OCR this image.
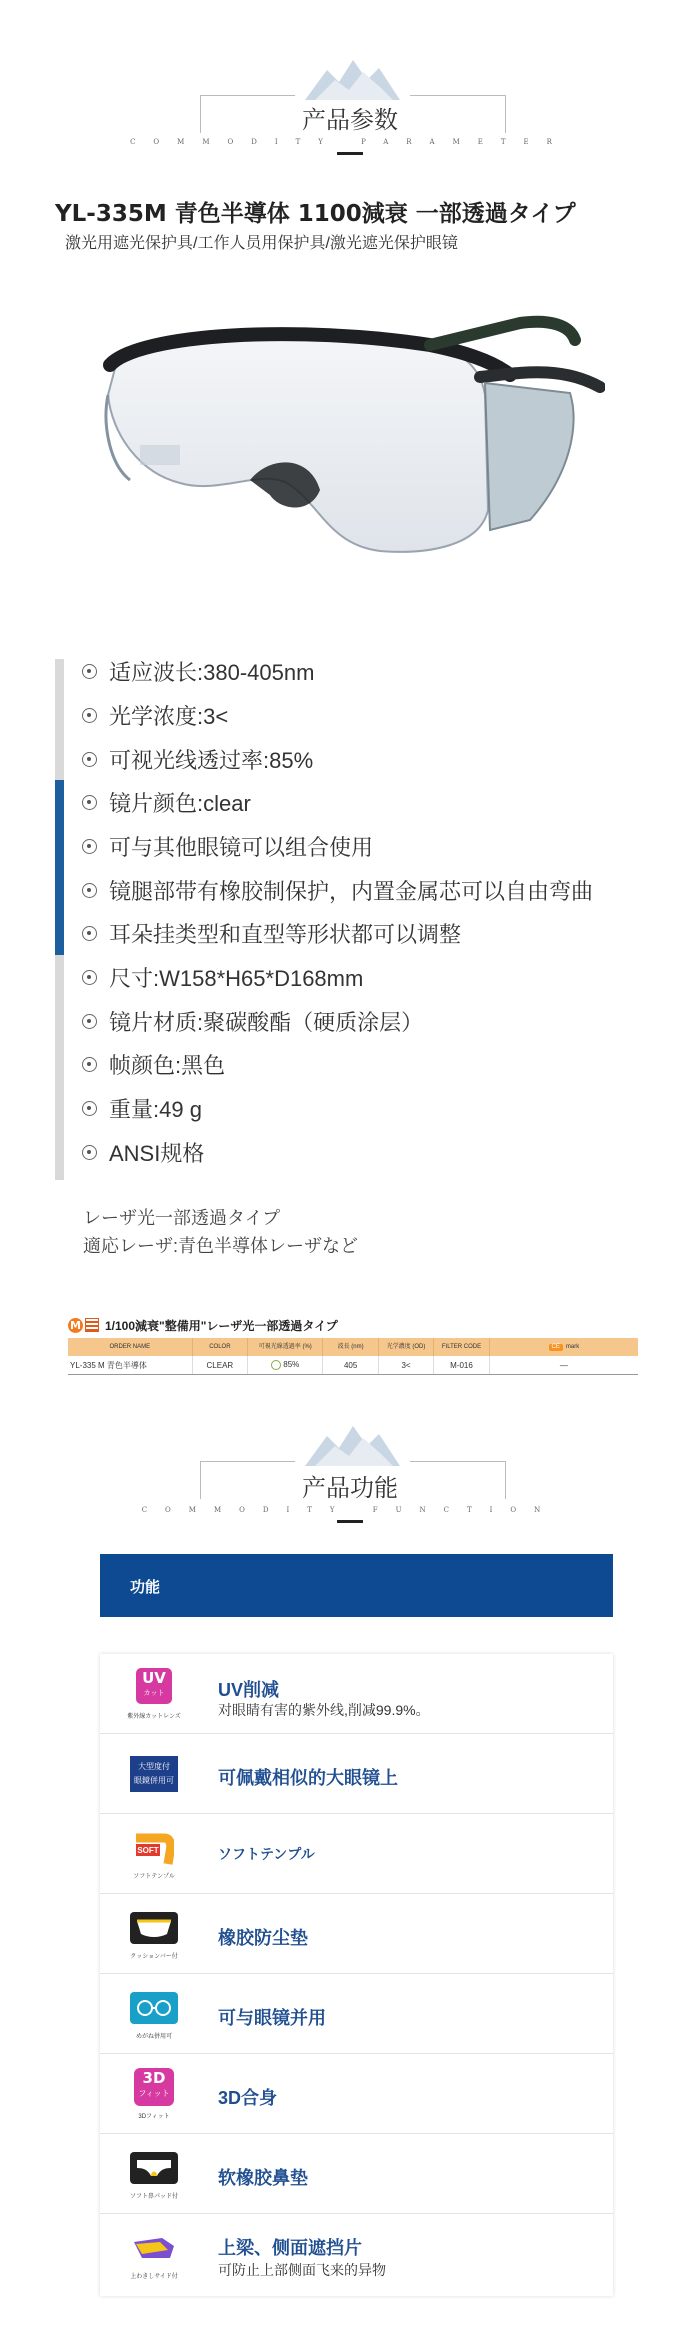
产品参数
COMMODITY PARAMETER
YL-335M 青色半導体 1100減衰 一部透過タイプ
激光用遮光保护具/工作人员用保护具/激光遮光保护眼镜
适应波长:380-405nm
光学浓度:3<
可视光线透过率:85%
镜片颜色:clear
可与其他眼镜可以组合使用
镜腿部带有橡胶制保护，内置金属芯可以自由弯曲
耳朵挂类型和直型等形状都可以调整
尺寸:W158*H65*D168mm
镜片材质:聚碳酸酯（硬质涂层）
帧颜色:黑色
重量:49 g
ANSI规格
レーザ光一部透過タイプ
適応レーザ:青色半導体レーザなど
M 1/100減衰"整備用"レーザ光一部透過タイプ
ORDER NAME	COLOR	可視光線透過率 (%)	波長 (nm)	光学濃度 (OD)	FILTER CODE	CE mark
YL-335 M 青色半導体	CLEAR	85%	405	3<	M-016	—
产品功能
COMMODITY FUNCTION
功能
UV
カット
紫外線カットレンズ
UV削减
对眼睛有害的紫外线,削减99.9%。
大型度付
眼鏡併用可 可佩戴相似的大眼镜上
SOFT
ソフトテンプル
ソフトテンプル
クッションバー付
橡胶防尘垫
めがね併用可
可与眼镜并用
3D
フィット
3Dフィット
3D合身
ソフト鼻パッド付
软橡胶鼻垫
上わきしサイド付
上梁、侧面遮挡片
可防止上部侧面飞来的异物
